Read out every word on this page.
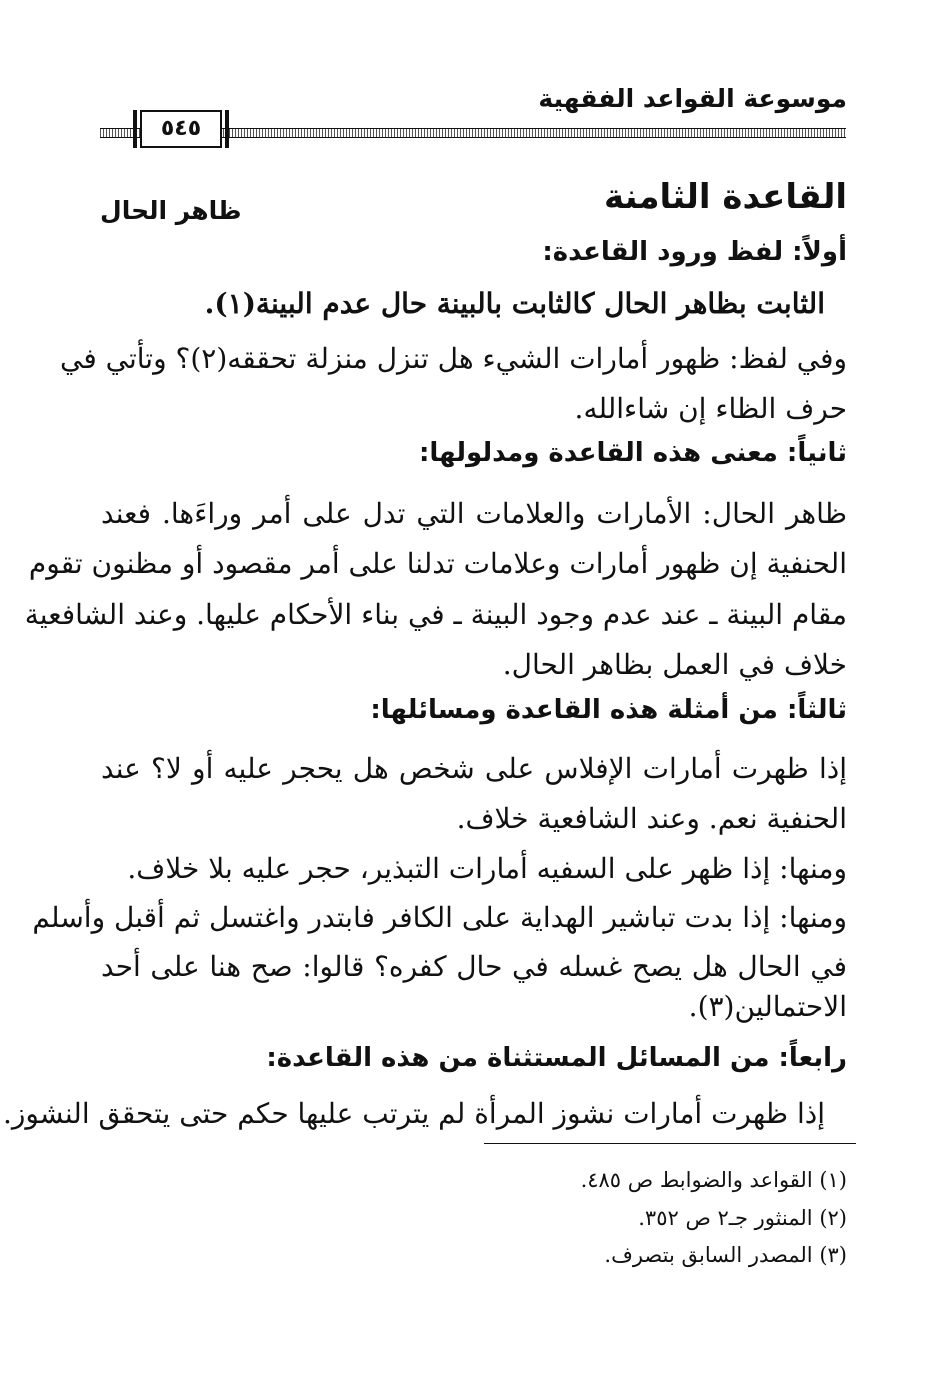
موسوعة القواعد الفقهية
٥٤٥
القاعدة الثامنة
ظاهر الحال
أولاً: لفظ ورود القاعدة:
الثابت بظاهر الحال كالثابت بالبينة حال عدم البينة(١).
وفي لفظ: ظهور أمارات الشيء هل تنزل منزلة تحققه(٢)؟ وتأتي في
حرف الظاء إن شاءالله.
ثانياً: معنى هذه القاعدة ومدلولها:
ظاهر الحال: الأمارات والعلامات التي تدل على أمر وراءَها. فعند
الحنفية إن ظهور أمارات وعلامات تدلنا على أمر مقصود أو مظنون تقوم
مقام البينة ـ عند عدم وجود البينة ـ في بناء الأحكام عليها. وعند الشافعية
خلاف في العمل بظاهر الحال.
ثالثاً: من أمثلة هذه القاعدة ومسائلها:
إذا ظهرت أمارات الإفلاس على شخص هل يحجر عليه أو لا؟ عند
الحنفية نعم. وعند الشافعية خلاف.
ومنها: إذا ظهر على السفيه أمارات التبذير، حجر عليه بلا خلاف.
ومنها: إذا بدت تباشير الهداية على الكافر فابتدر واغتسل ثم أقبل وأسلم
في الحال هل يصح غسله في حال كفره؟ قالوا: صح هنا على أحد
الاحتمالين(٣).
رابعاً: من المسائل المستثناة من هذه القاعدة:
إذا ظهرت أمارات نشوز المرأة لم يترتب عليها حكم حتى يتحقق النشوز.
(١) القواعد والضوابط ص ٤٨٥.
(٢) المنثور جـ٢ ص ٣٥٢.
(٣) المصدر السابق بتصرف.
